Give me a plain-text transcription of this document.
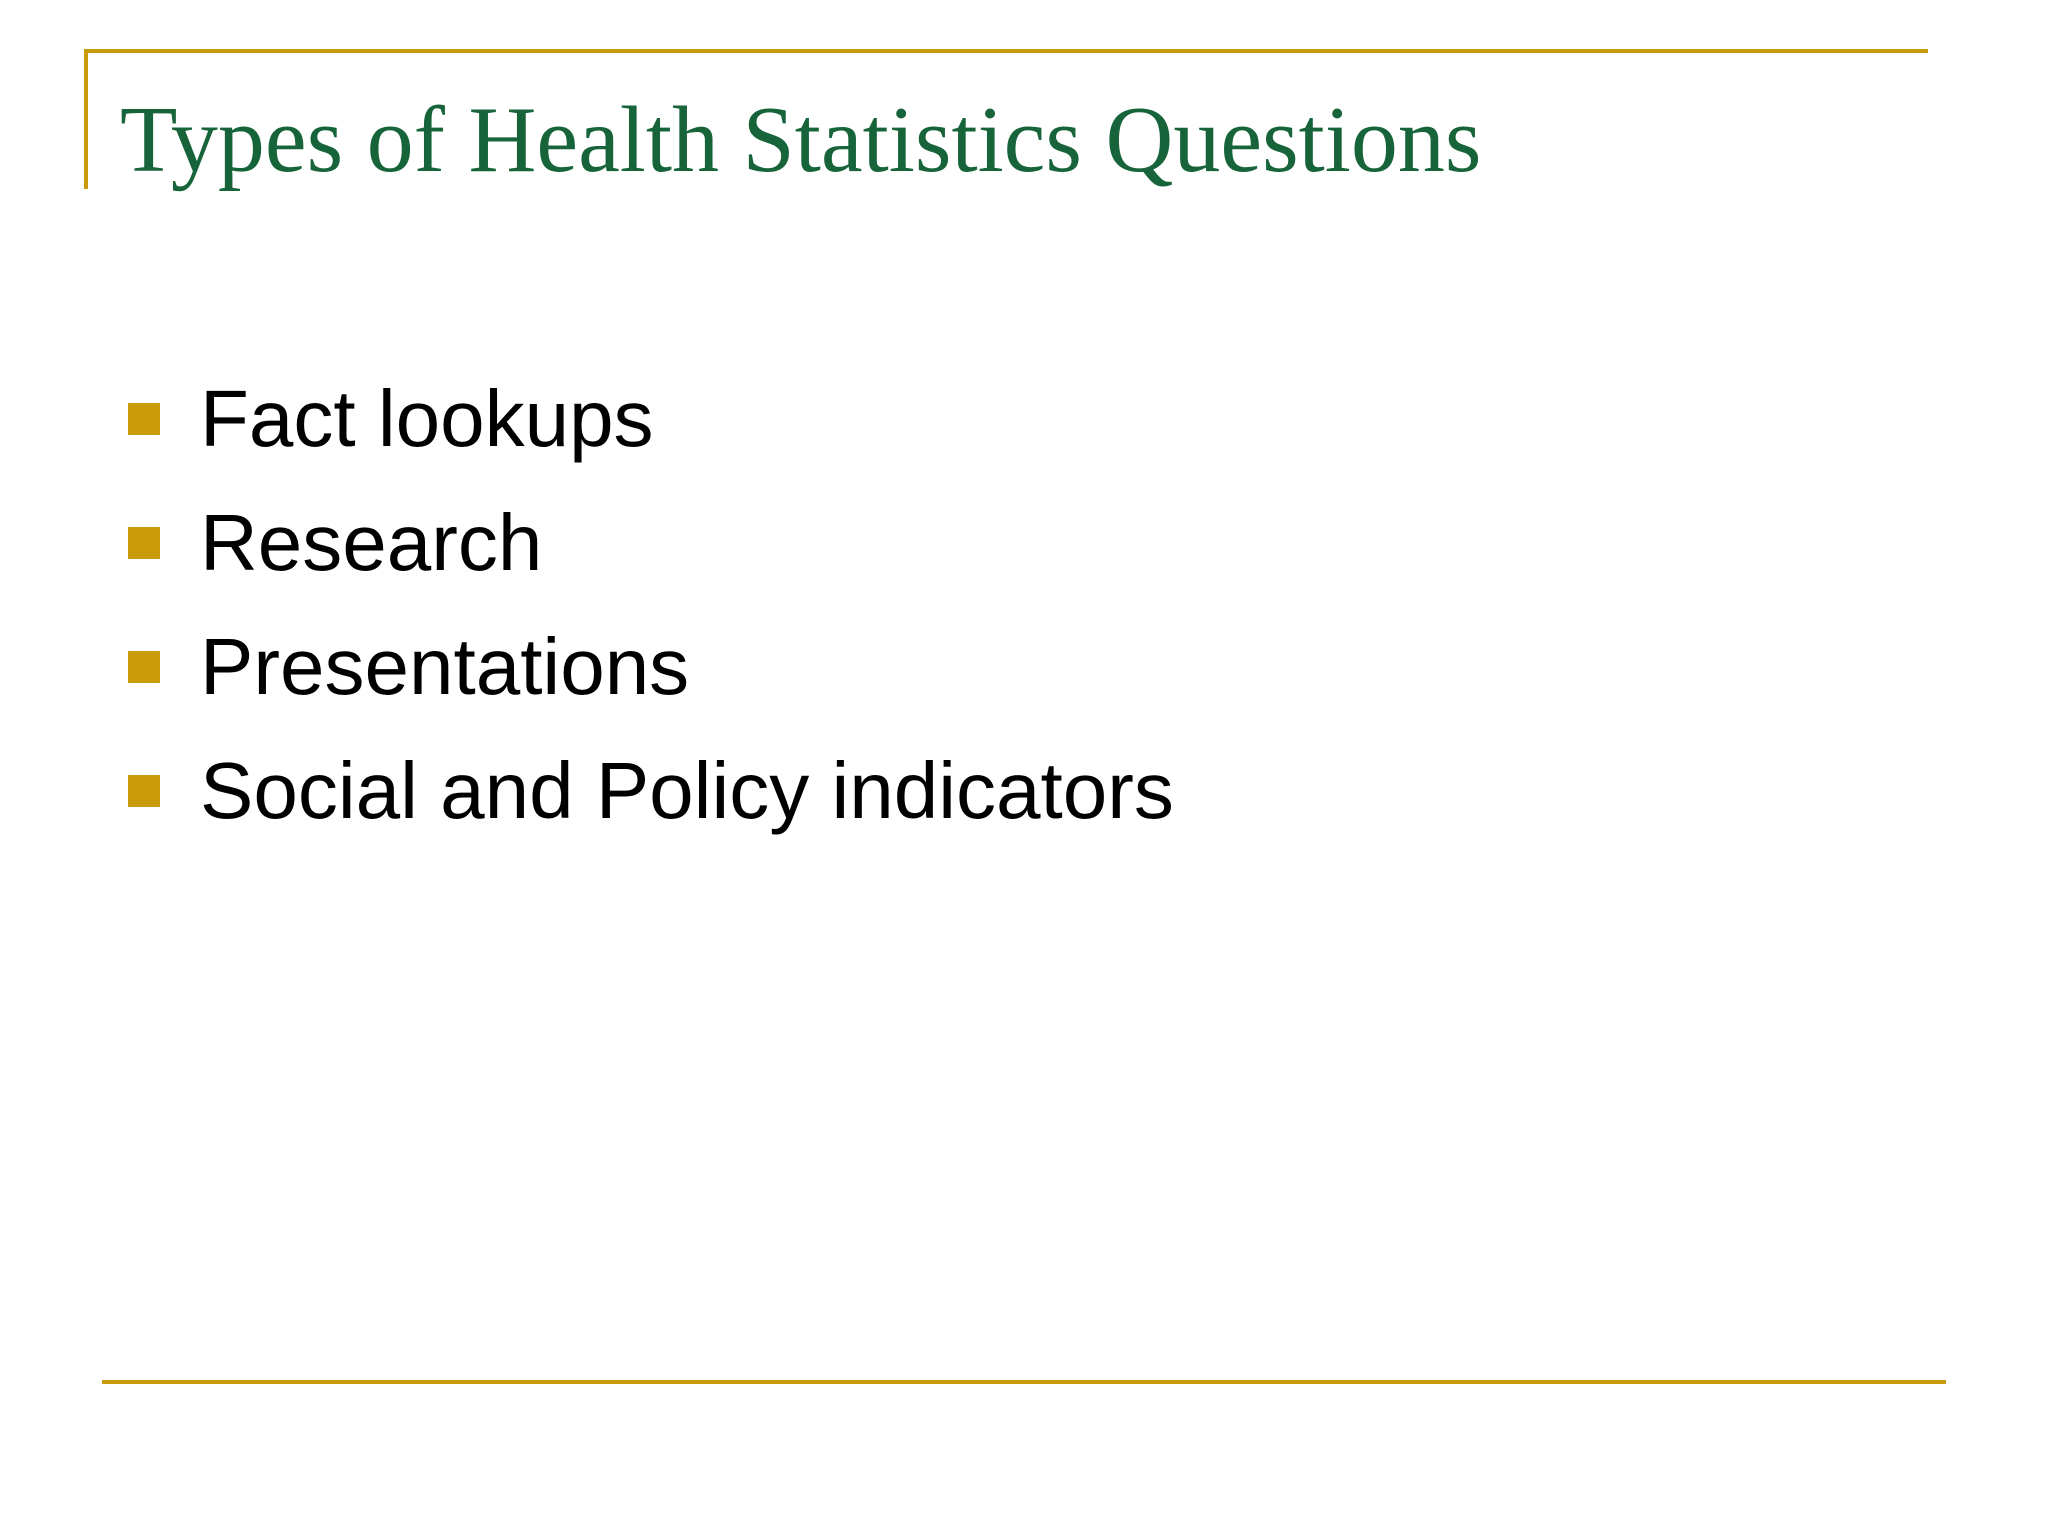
Types of Health Statistics Questions
Fact lookups
Research
Presentations
Social and Policy indicators
